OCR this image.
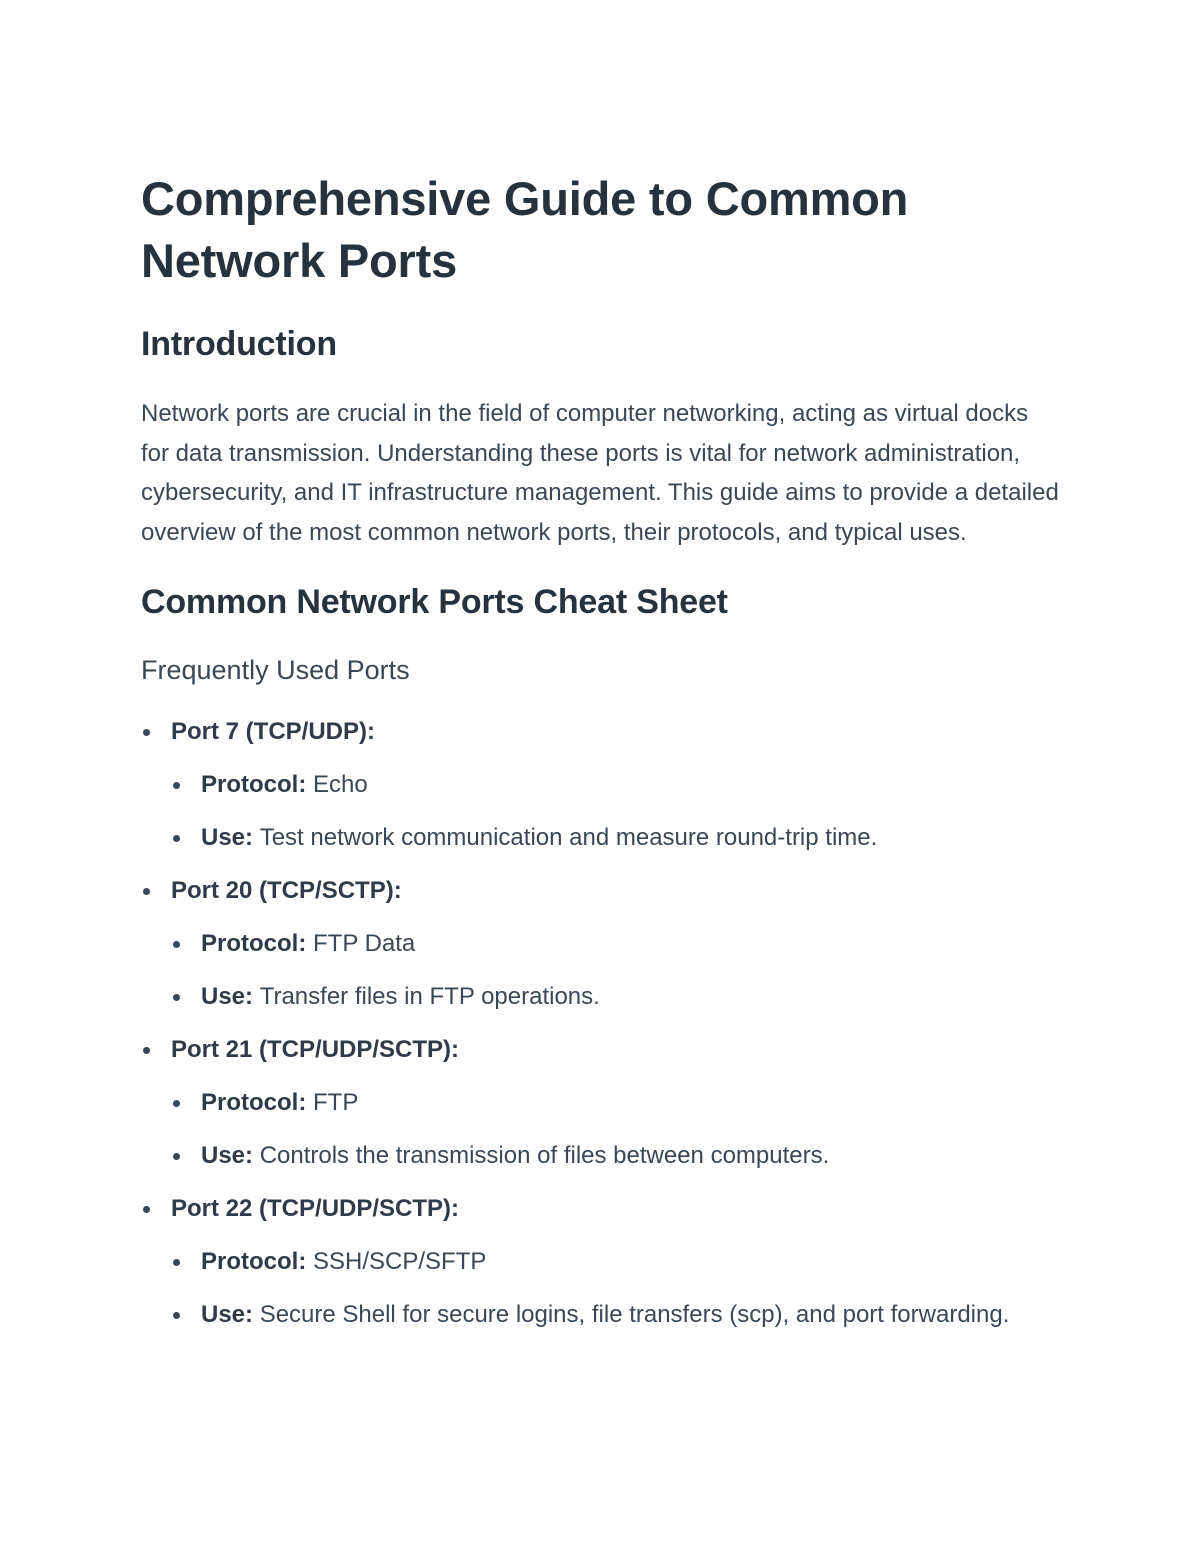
Comprehensive Guide to Common Network Ports
Introduction

Network ports are crucial in the field of computer networking, acting as virtual docks for data transmission. Understanding these ports is vital for network administration, cybersecurity, and IT infrastructure management. This guide aims to provide a detailed overview of the most common network ports, their protocols, and typical uses.

Common Network Ports Cheat Sheet
Frequently Used Ports
Port 7 (TCP/UDP):
Protocol: Echo
Use: Test network communication and measure round-trip time.
Port 20 (TCP/SCTP):
Protocol: FTP Data
Use: Transfer files in FTP operations.
Port 21 (TCP/UDP/SCTP):
Protocol: FTP
Use: Controls the transmission of files between computers.
Port 22 (TCP/UDP/SCTP):
Protocol: SSH/SCP/SFTP
Use: Secure Shell for secure logins, file transfers (scp), and port forwarding.
